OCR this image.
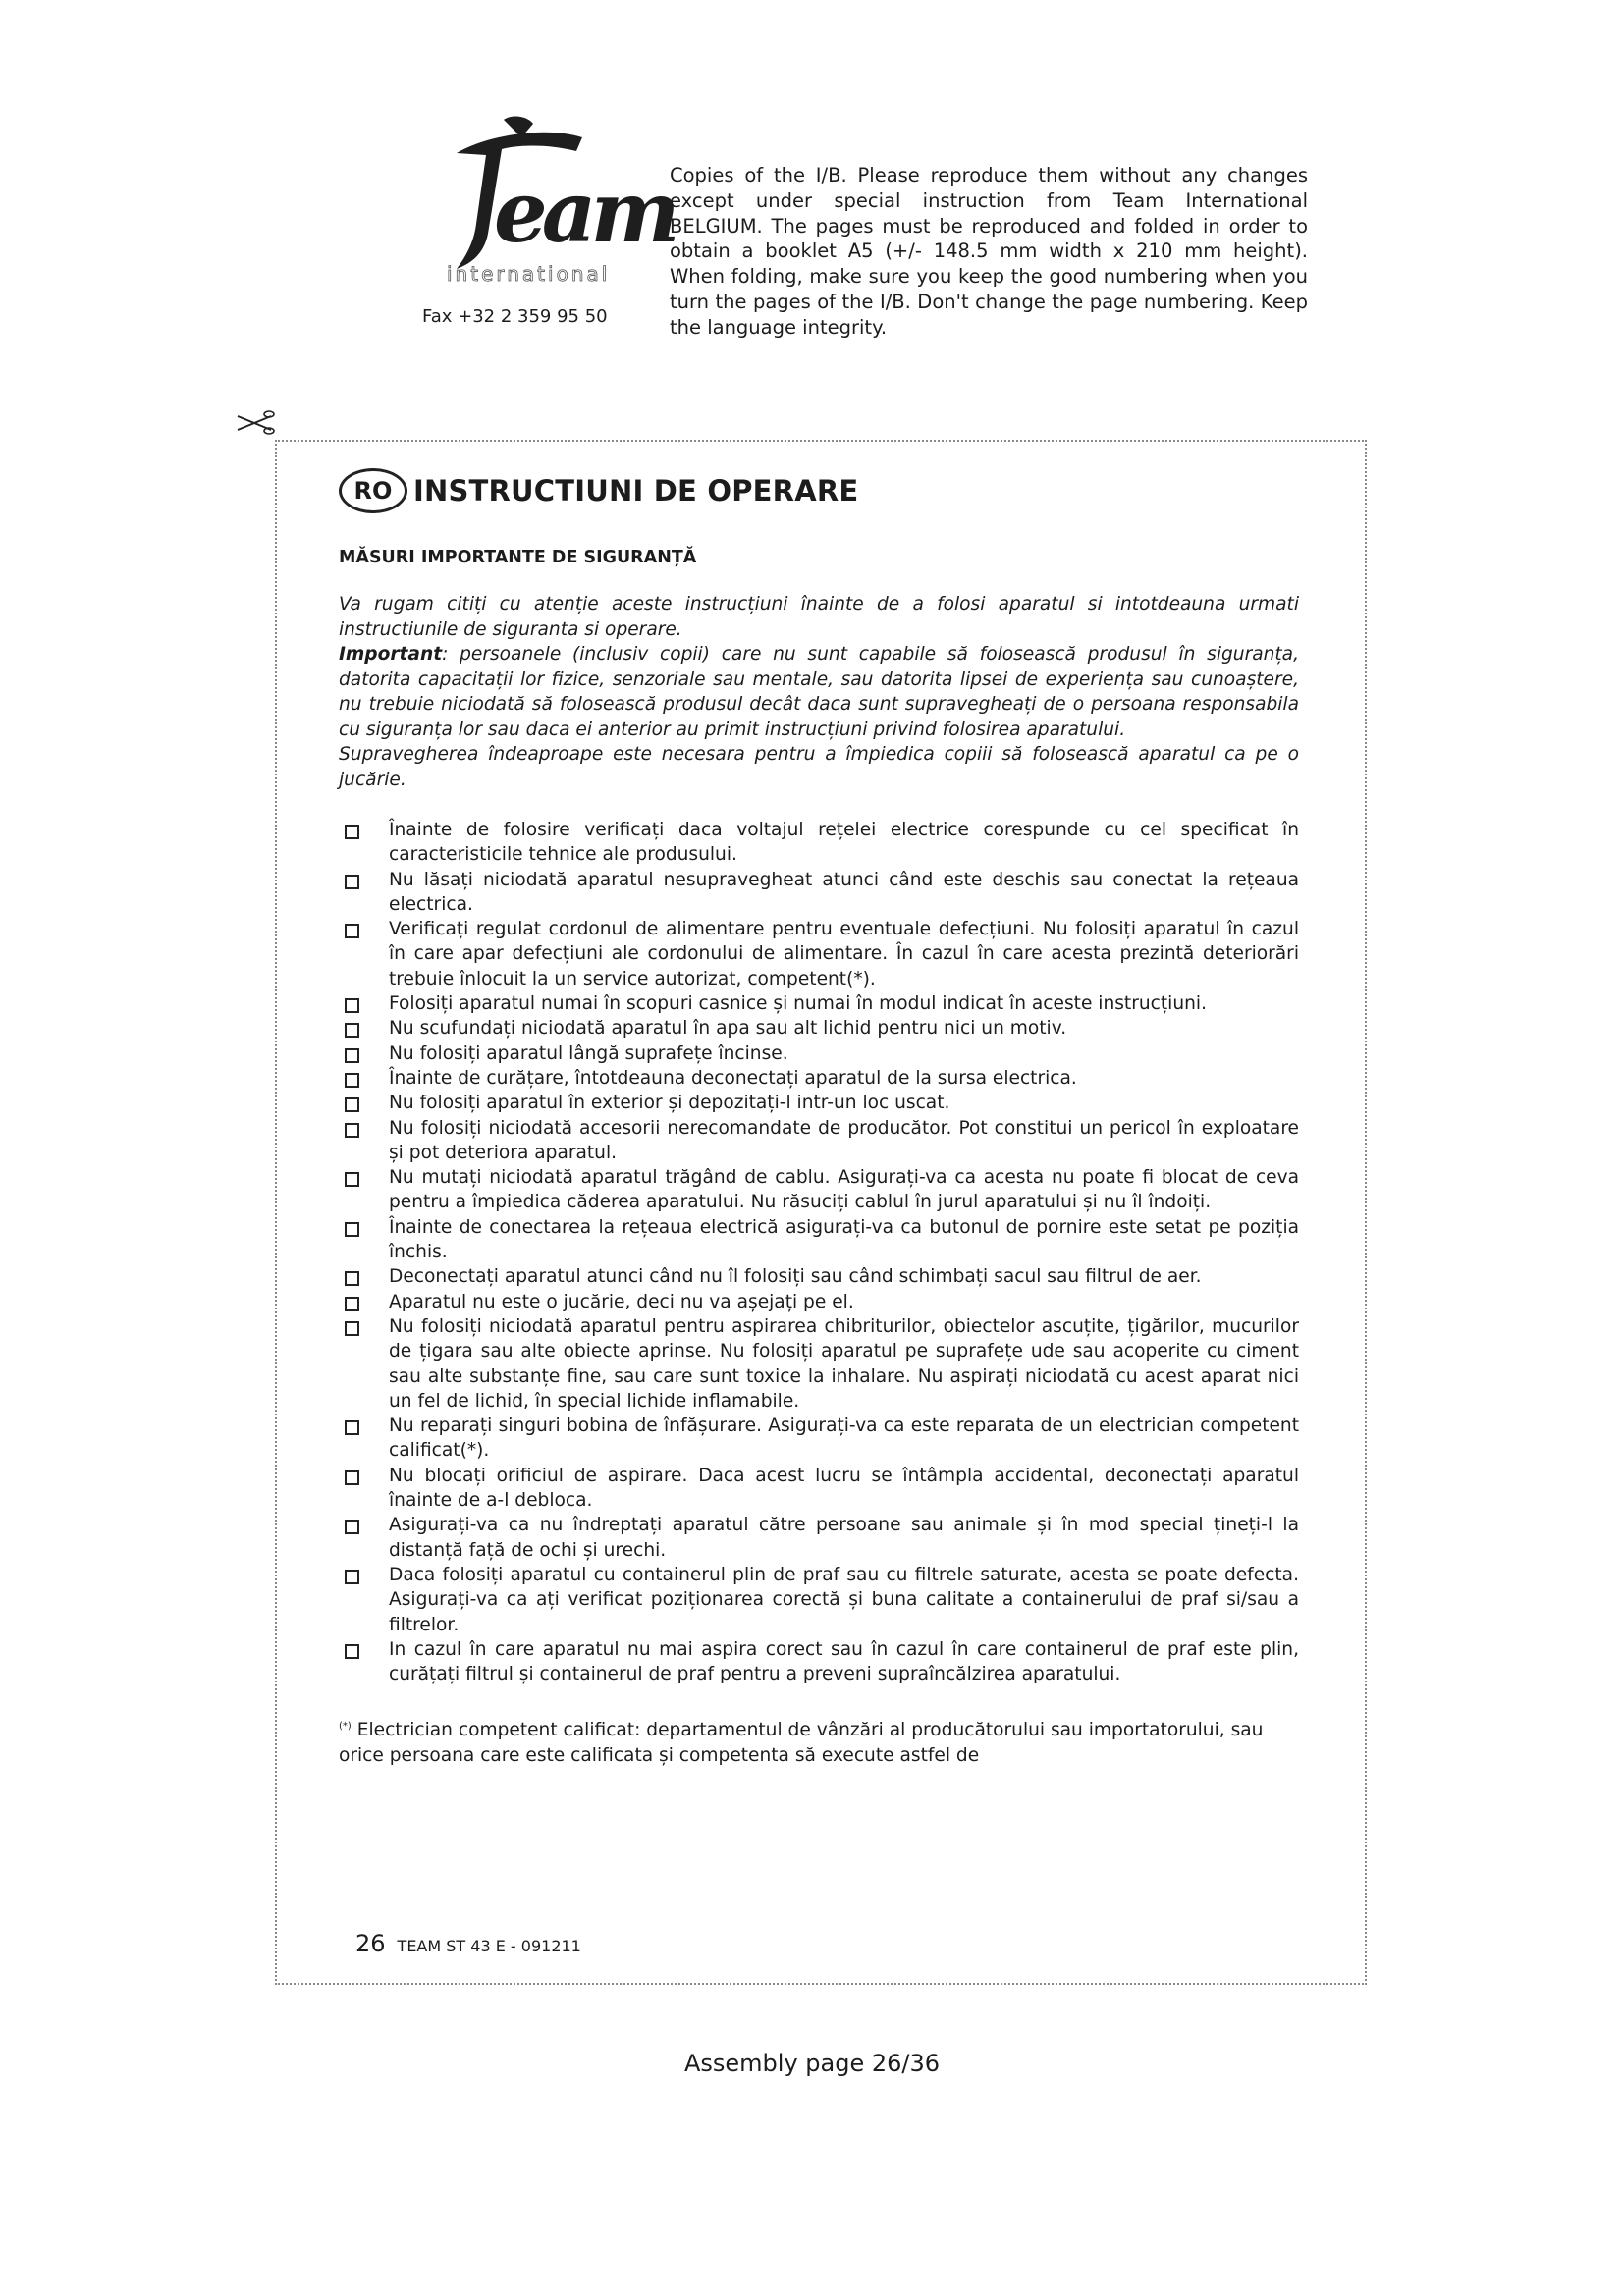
eam
international
Fax +32 2 359 95 50
Copies of the I/B. Please reproduce them without any changes except under special instruction from Team International BELGIUM. The pages must be reproduced and folded in order to obtain a booklet A5 (+/- 148.5 mm width x 210 mm height). When folding, make sure you keep the good numbering when you turn the pages of the I/B. Don't change the page numbering. Keep the language integrity.
RO INSTRUCTIUNI DE OPERARE
MĂSURI IMPORTANTE DE SIGURANȚĂ
Va rugam citiți cu atenție aceste instrucțiuni înainte de a folosi aparatul si intotdeauna urmati instructiunile de siguranta si operare.
Important: persoanele (inclusiv copii) care nu sunt capabile să folosească produsul în siguranța, datorita capacitații lor fizice, senzoriale sau mentale, sau datorita lipsei de experiența sau cunoaștere, nu trebuie niciodată să folosească produsul decât daca sunt supravegheați de o persoana responsabila cu siguranța lor sau daca ei anterior au primit instrucțiuni privind folosirea aparatului.
Supravegherea îndeaproape este necesara pentru a împiedica copiii să folosească aparatul ca pe o jucărie.
Înainte de folosire verificați daca voltajul rețelei electrice corespunde cu cel specificat în caracteristicile tehnice ale produsului.
Nu lăsați niciodată aparatul nesupravegheat atunci când este deschis sau conectat la rețeaua electrica.
Verificați regulat cordonul de alimentare pentru eventuale defecțiuni. Nu folosiți aparatul în cazul în care apar defecțiuni ale cordonului de alimentare. În cazul în care acesta prezintă deteriorări trebuie înlocuit la un service autorizat, competent(*).
Folosiți aparatul numai în scopuri casnice și numai în modul indicat în aceste instrucțiuni.
Nu scufundați niciodată aparatul în apa sau alt lichid pentru nici un motiv.
Nu folosiți aparatul lângă suprafețe încinse.
Înainte de curățare, întotdeauna deconectați aparatul de la sursa electrica.
Nu folosiți aparatul în exterior și depozitați-l intr-un loc uscat.
Nu folosiți niciodată accesorii nerecomandate de producător. Pot constitui un pericol în exploatare și pot deteriora aparatul.
Nu mutați niciodată aparatul trăgând de cablu. Asigurați-va ca acesta nu poate fi blocat de ceva pentru a împiedica căderea aparatului. Nu răsuciți cablul în jurul aparatului și nu îl îndoiți.
Înainte de conectarea la rețeaua electrică asigurați-va ca butonul de pornire este setat pe poziția închis.
Deconectați aparatul atunci când nu îl folosiți sau când schimbați sacul sau filtrul de aer.
Aparatul nu este o jucărie, deci nu va așejați pe el.
Nu folosiți niciodată aparatul pentru aspirarea chibriturilor, obiectelor ascuțite, țigărilor, mucurilor de țigara sau alte obiecte aprinse. Nu folosiți aparatul pe suprafețe ude sau acoperite cu ciment sau alte substanțe fine, sau care sunt toxice la inhalare. Nu aspirați niciodată cu acest aparat nici un fel de lichid, în special lichide inflamabile.
Nu reparați singuri bobina de înfășurare. Asigurați-va ca este reparata de un electrician competent calificat(*).
Nu blocați orificiul de aspirare. Daca acest lucru se întâmpla accidental, deconectați aparatul înainte de a-l debloca.
Asigurați-va ca nu îndreptați aparatul către persoane sau animale și în mod special țineți-l la distanță față de ochi și urechi.
Daca folosiți aparatul cu containerul plin de praf sau cu filtrele saturate, acesta se poate defecta. Asigurați-va ca ați verificat poziționarea corectă și buna calitate a containerului de praf si/sau a filtrelor.
In cazul în care aparatul nu mai aspira corect sau în cazul în care containerul de praf este plin, curățați filtrul și containerul de praf pentru a preveni supraîncălzirea aparatului.
(*) Electrician competent calificat: departamentul de vânzări al producătorului sau importatorului, sau orice persoana care este calificata și competenta să execute astfel de
26 TEAM ST 43 E - 091211
Assembly page 26/36
